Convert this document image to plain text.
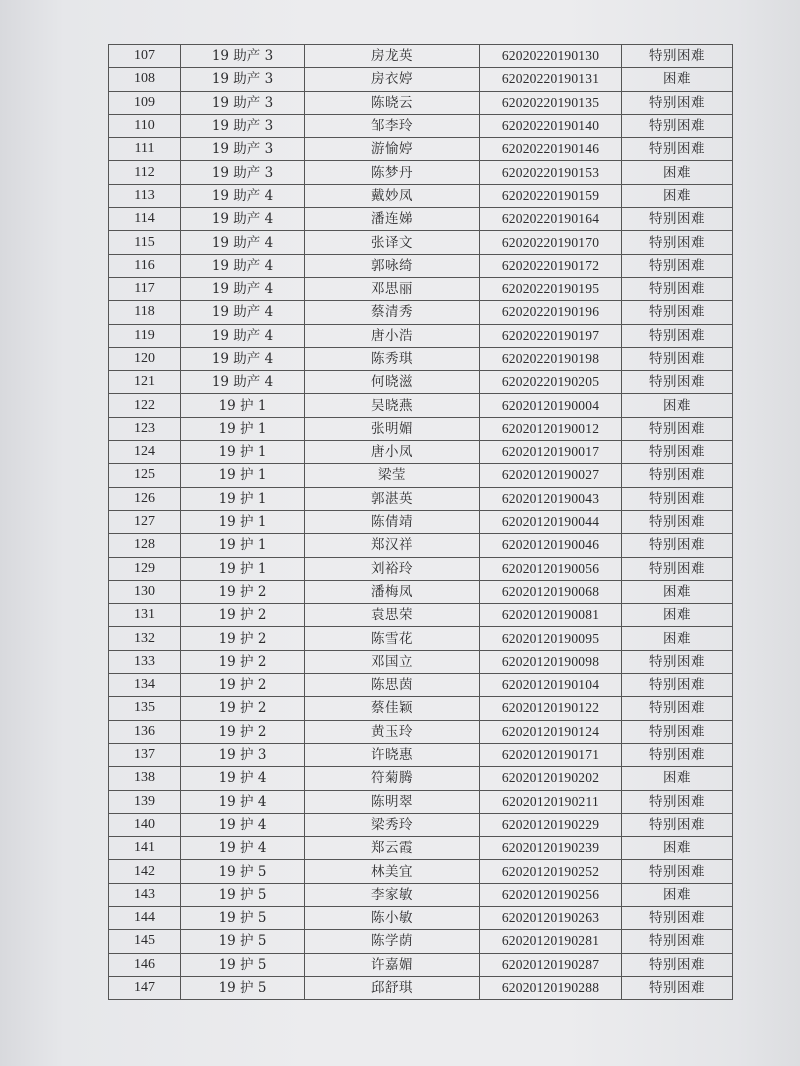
107	19 助产 3	房龙英	62020220190130	特别困难
108	19 助产 3	房衣婷	62020220190131	困难
109	19 助产 3	陈晓云	62020220190135	特别困难
110	19 助产 3	邹李玲	62020220190140	特别困难
111	19 助产 3	游愉婷	62020220190146	特别困难
112	19 助产 3	陈梦丹	62020220190153	困难
113	19 助产 4	戴妙凤	62020220190159	困难
114	19 助产 4	潘连娣	62020220190164	特别困难
115	19 助产 4	张译文	62020220190170	特别困难
116	19 助产 4	郭咏绮	62020220190172	特别困难
117	19 助产 4	邓思丽	62020220190195	特别困难
118	19 助产 4	蔡清秀	62020220190196	特别困难
119	19 助产 4	唐小浩	62020220190197	特别困难
120	19 助产 4	陈秀琪	62020220190198	特别困难
121	19 助产 4	何晓滋	62020220190205	特别困难
122	19 护 1	吴晓燕	62020120190004	困难
123	19 护 1	张明媚	62020120190012	特别困难
124	19 护 1	唐小凤	62020120190017	特别困难
125	19 护 1	梁莹	62020120190027	特别困难
126	19 护 1	郭湛英	62020120190043	特别困难
127	19 护 1	陈倩靖	62020120190044	特别困难
128	19 护 1	郑汉祥	62020120190046	特别困难
129	19 护 1	刘裕玲	62020120190056	特别困难
130	19 护 2	潘梅凤	62020120190068	困难
131	19 护 2	袁思荣	62020120190081	困难
132	19 护 2	陈雪花	62020120190095	困难
133	19 护 2	邓国立	62020120190098	特别困难
134	19 护 2	陈思茵	62020120190104	特别困难
135	19 护 2	蔡佳颖	62020120190122	特别困难
136	19 护 2	黄玉玲	62020120190124	特别困难
137	19 护 3	许晓惠	62020120190171	特别困难
138	19 护 4	符菊腾	62020120190202	困难
139	19 护 4	陈明翠	62020120190211	特别困难
140	19 护 4	梁秀玲	62020120190229	特别困难
141	19 护 4	郑云霞	62020120190239	困难
142	19 护 5	林美宜	62020120190252	特别困难
143	19 护 5	李家敏	62020120190256	困难
144	19 护 5	陈小敏	62020120190263	特别困难
145	19 护 5	陈学荫	62020120190281	特别困难
146	19 护 5	许嘉媚	62020120190287	特别困难
147	19 护 5	邱舒琪	62020120190288	特别困难
